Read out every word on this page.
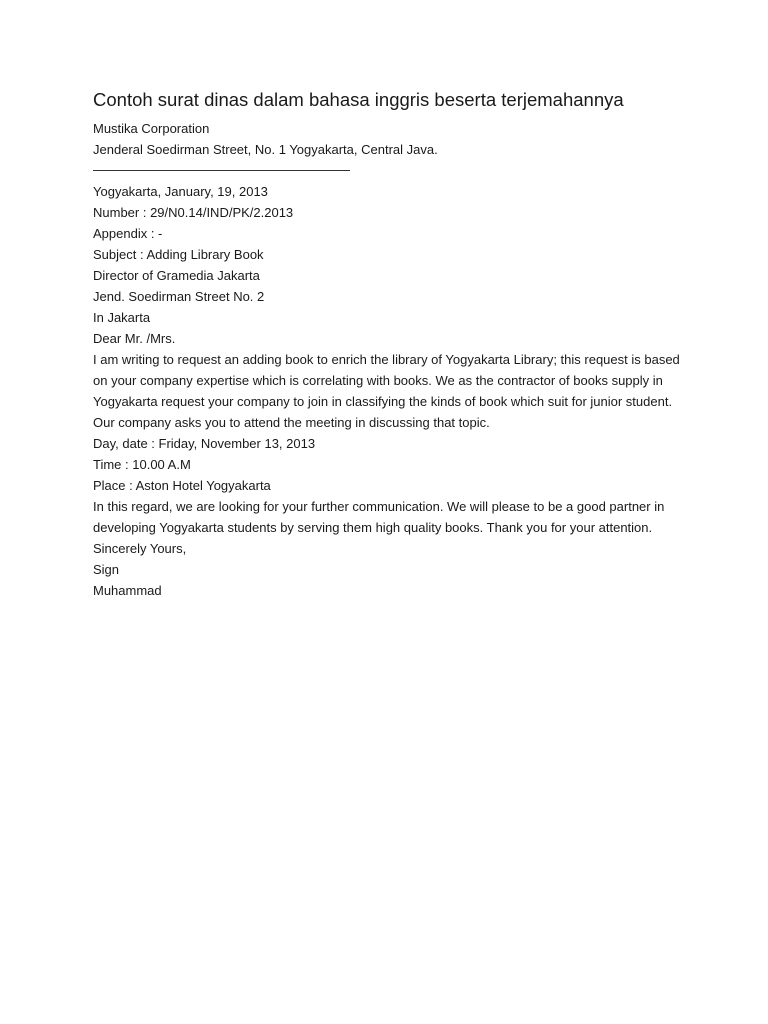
Contoh surat dinas dalam bahasa inggris beserta terjemahannya

Mustika Corporation

Jenderal Soedirman Street, No. 1 Yogyakarta, Central Java.

Yogyakarta, January, 19, 2013

Number : 29/N0.14/IND/PK/2.2013

Appendix : -

Subject : Adding Library Book

Director of Gramedia Jakarta

Jend. Soedirman Street No. 2

In Jakarta

Dear Mr. /Mrs.

I am writing to request an adding book to enrich the library of Yogyakarta Library; this request is based on your company expertise which is correlating with books. We as the contractor of books supply in Yogyakarta request your company to join in classifying the kinds of book which suit for junior student. Our company asks you to attend the meeting in discussing that topic.

Day, date : Friday, November 13, 2013

Time : 10.00 A.M

Place : Aston Hotel Yogyakarta

In this regard, we are looking for your further communication. We will please to be a good partner in developing Yogyakarta students by serving them high quality books. Thank you for your attention.

Sincerely Yours,

Sign

Muhammad
